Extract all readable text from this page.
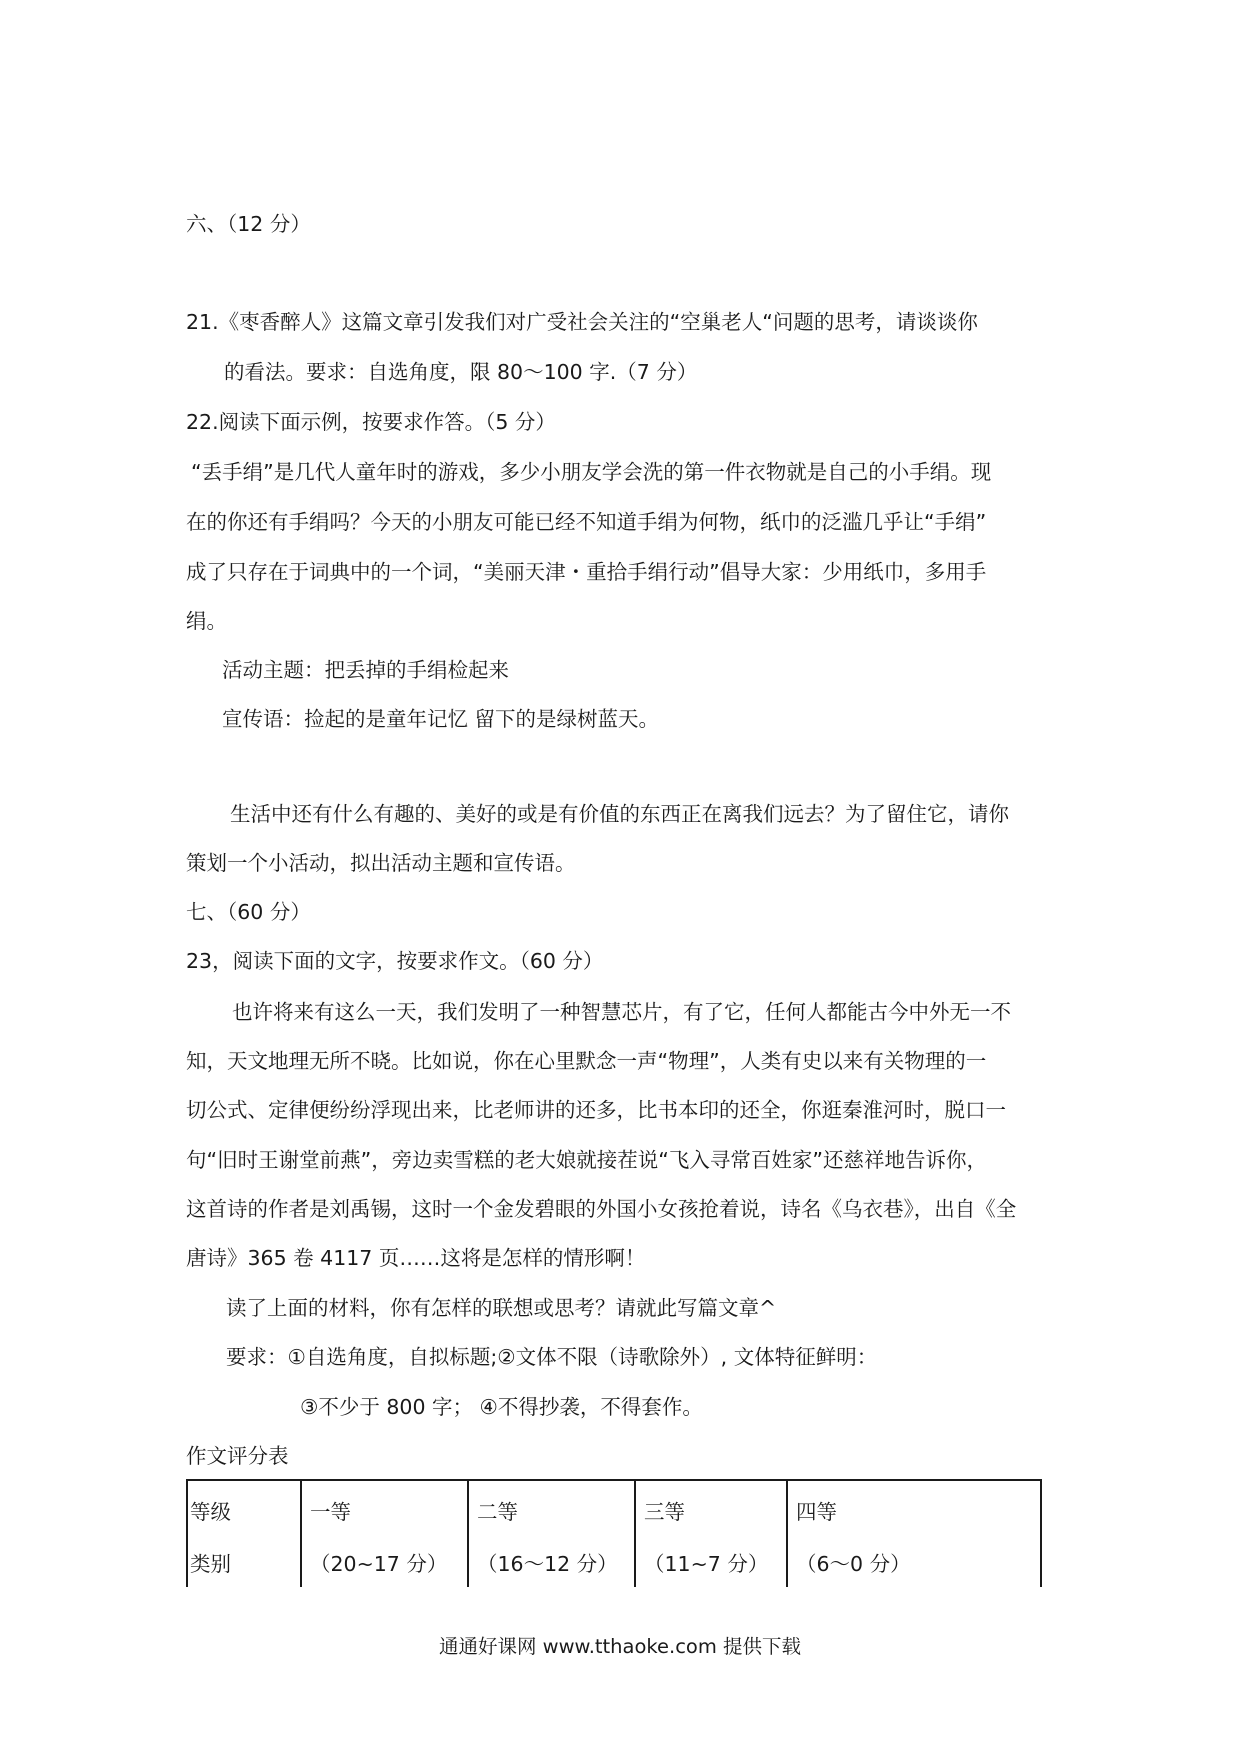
六、（12 分）
21.《枣香醉人》这篇文章引发我们对广受社会关注的“空巢老人“问题的思考，请谈谈你
的看法。要求：自选角度，限 80～100 字.（7 分）
22.阅读下面示例，按要求作答。（5 分）
“丢手绢”是几代人童年时的游戏，多少小朋友学会洗的第一件衣物就是自己的小手绢。现
在的你还有手绢吗？今天的小朋友可能已经不知道手绢为何物，纸巾的泛滥几乎让“手绢”
成了只存在于词典中的一个词，“美丽天津・重拾手绢行动”倡导大家：少用纸巾，多用手
绢。
活动主题：把丢掉的手绢检起来
宣传语：捡起的是童年记忆 留下的是绿树蓝天。
生活中还有什么有趣的、美好的或是有价值的东西正在离我们远去？为了留住它，请你
策划一个小活动，拟出活动主题和宣传语。
七、（60 分）
23，阅读下面的文字，按要求作文。（60 分）
也许将来有这么一天，我们发明了一种智慧芯片，有了它，任何人都能古今中外无一不
知，天文地理无所不晓。比如说，你在心里默念一声“物理”，人类有史以来有关物理的一
切公式、定律便纷纷浮现出来，比老师讲的还多，比书本印的还全，你逛秦淮河时，脱口一
句“旧时王谢堂前燕”，旁边卖雪糕的老大娘就接茬说“飞入寻常百姓家”还慈祥地告诉你，
这首诗的作者是刘禹锡，这时一个金发碧眼的外国小女孩抢着说，诗名《乌衣巷》，出自《全
唐诗》365 卷 4117 页……这将是怎样的情形啊！
读了上面的材料，你有怎样的联想或思考？请就此写篇文章^
要求：①自选角度，自拟标题;②文体不限（诗歌除外）, 文体特征鲜明：
③不少于 800 字； ④不得抄袭，不得套作。
作文评分表
等级	一等	二等	三等	四等
类别	（20~17 分）	（16～12 分）	（11~7 分）	（6～0 分）
通通好课网 www.tthaoke.com 提供下载
